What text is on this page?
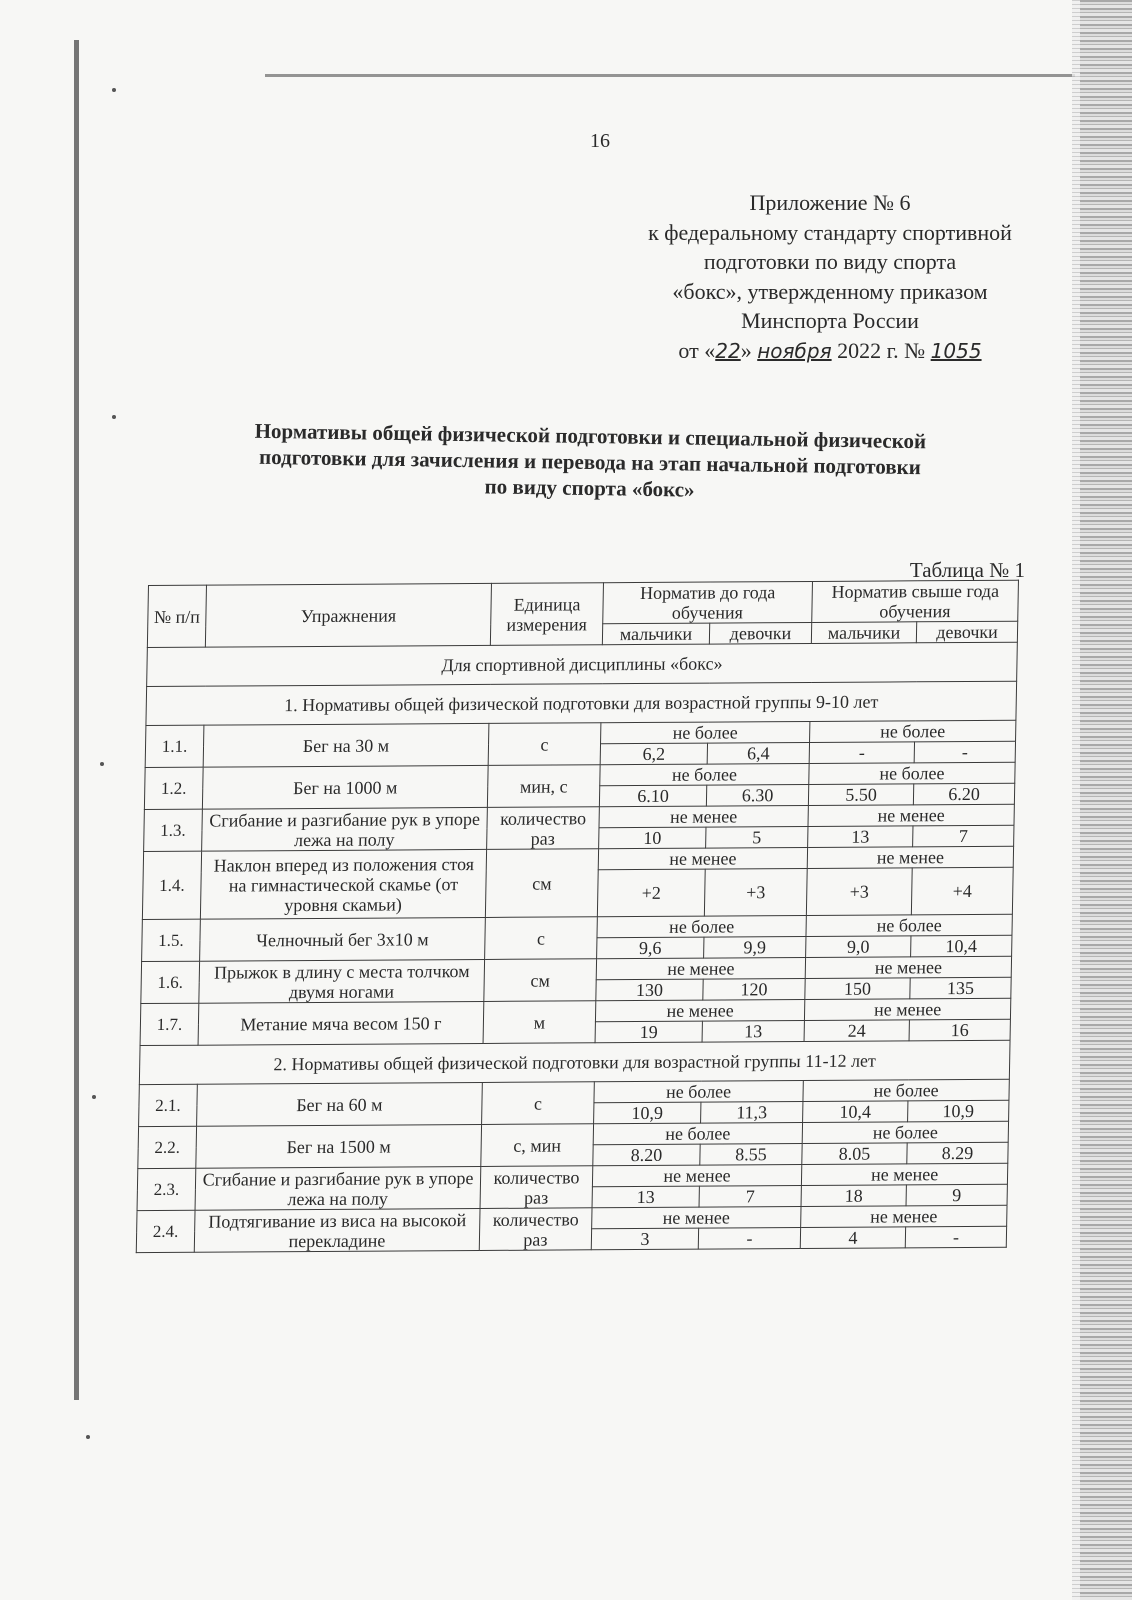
16
Приложение № 6
к федеральному стандарту спортивной
подготовки по виду спорта
«бокс», утвержденному приказом
Минспорта России
от «22» ноября 2022 г. № 1055
Нормативы общей физической подготовки и специальной физической
подготовки для зачисления и перевода на этап начальной подготовки
по виду спорта «бокс»
Таблица № 1
№ п/п	Упражнения	Единица измерения	Норматив до года обучения		Норматив свыше года обучения	
			мальчики	девочки	мальчики	девочки
Для спортивной дисциплины «бокс»						
1. Нормативы общей физической подготовки для возрастной группы 9-10 лет						
1.1.	Бег на 30 м	с	не более		не более	
			6,2	6,4	-	-
1.2.	Бег на 1000 м	мин, с	не более		не более	
			6.10	6.30	5.50	6.20
1.3.	Сгибание и разгибание рук в упоре лежа на полу	количество раз	не менее		не менее	
			10	5	13	7
1.4.	Наклон вперед из положения стоя на гимнастической скамье (от уровня скамьи)	см	не менее		не менее	
			+2	+3	+3	+4
1.5.	Челночный бег 3x10 м	с	не более		не более	
			9,6	9,9	9,0	10,4
1.6.	Прыжок в длину с места толчком двумя ногами	см	не менее		не менее	
			130	120	150	135
1.7.	Метание мяча весом 150 г	м	не менее		не менее	
			19	13	24	16
2. Нормативы общей физической подготовки для возрастной группы 11-12 лет						
2.1.	Бег на 60 м	с	не более		не более	
			10,9	11,3	10,4	10,9
2.2.	Бег на 1500 м	с, мин	не более		не более	
			8.20	8.55	8.05	8.29
2.3.	Сгибание и разгибание рук в упоре лежа на полу	количество раз	не менее		не менее	
			13	7	18	9
2.4.	Подтягивание из виса на высокой перекладине	количество раз	не менее		не менее	
			3	-	4	-
